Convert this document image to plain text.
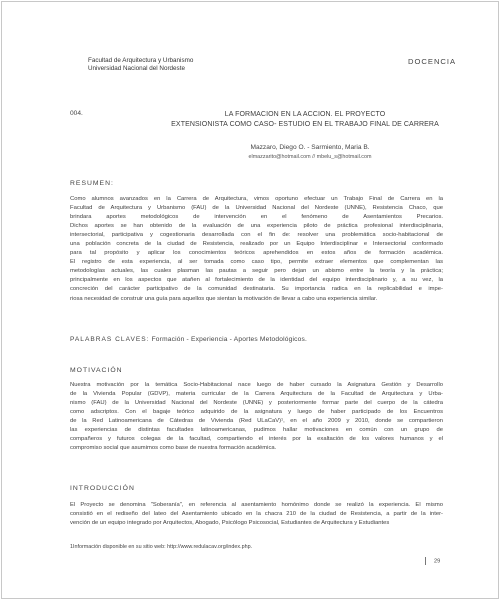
Facultad de Arquitectura y Urbanismo
Universidad Nacional del Nordeste
DOCENCIA
004.	LA FORMACION EN LA ACCION. EL PROYECTO
EXTENSIONISTA COMO CASO- ESTUDIO EN EL TRABAJO FINAL DE CARRERA
Mazzaro, Diego O. - Sarmiento, Maria B.
elmazzarito@hotmail.com // mbelu_s@hotmail.com
RESUMEN:
Como alumnos avanzados en la Carrera de Arquitectura, vimos oportuno efectuar un Trabajo Final de Carrera en la
Facultad de Arquitectura y Urbanismo (FAU) de la Universidad Nacional del Nordeste (UNNE), Resistencia Chaco, que
brindara aportes metodológicos de intervención en el fenómeno de Asentamientos Precarios.
Dichos aportes se han obtenido de la evaluación de una experiencia piloto de práctica profesional interdisciplinaria,
intersectorial, participativa y cogestionaria desarrollada con el fin de: resolver una problemática socio-habitacional de
una población concreta de la ciudad de Resistencia, realizado por un Equipo Interdisciplinar e Intersectorial conformado
para tal propósito y aplicar los conocimientos teóricos aprehendidos en estos años de formación académica.
El registro de esta experiencia, al ser tomada como caso tipo, permite extraer elementos que complementan las
metodologías actuales, las cuales plasman las pautas a seguir pero dejan un abismo entre la teoría y la práctica;
principalmente en los aspectos que ataňen al fortalecimiento de la identidad del equipo interdisciplinario y, a su vez, la
concreción del carácter participativo de la comunidad destinataria. Su importancia radica en la replicabilidad e impe-
riosa necesidad de construir una guía para aquellos que sientan la motivación de llevar a cabo una experiencia similar.
PALABRAS CLAVES: Formación - Experiencia - Aportes Metodológicos.
MOTIVACIÓN
Nuestra motivación por la temática Socio-Habitacional nace luego de haber cursado la Asignatura Gestión y Desarrollo
de la Vivienda Popular (GDVP), materia curricular de la Carrera Arquitectura de la Facultad de Arquitectura y Urba-
nismo (FAU) de la Universidad Nacional del Nordeste (UNNE) y posteriormente formar parte del cuerpo de la cátedra
como adscriptos. Con el bagaje teórico adquirido de la asignatura y luego de haber participado de los Encuentros
de la Red Latinoamericana de Cátedras de Vivienda (Red ULaCaV)¹, en el año 2009 y 2010, donde se compartieron
las experiencias de distintas facultades latinoamericanas, pudimos hallar motivaciones en común con un grupo de
compañeros y futuros colegas de la facultad, compartiendo el interés por la exaltación de los valores humanos y el
compromiso social que asumimos como base de nuestra formación académica.
INTRODUCCIÓN
El Proyecto se denomina "Soberanía", en referencia al asentamiento homónimo donde se realizó la experiencia. El mismo
consistió en el rediseño del lateo del Asentamiento ubicado en la chacra 210 de la ciudad de Resistencia, a partir de la inter-
vención de un equipo integrado por Arquitectos, Abogado, Psicólogo Psicosocial, Estudiantes de Arquitectura y Estudiantes
1Información disponible en su sitio web: http://www.redulacav.org/index.php.
29
